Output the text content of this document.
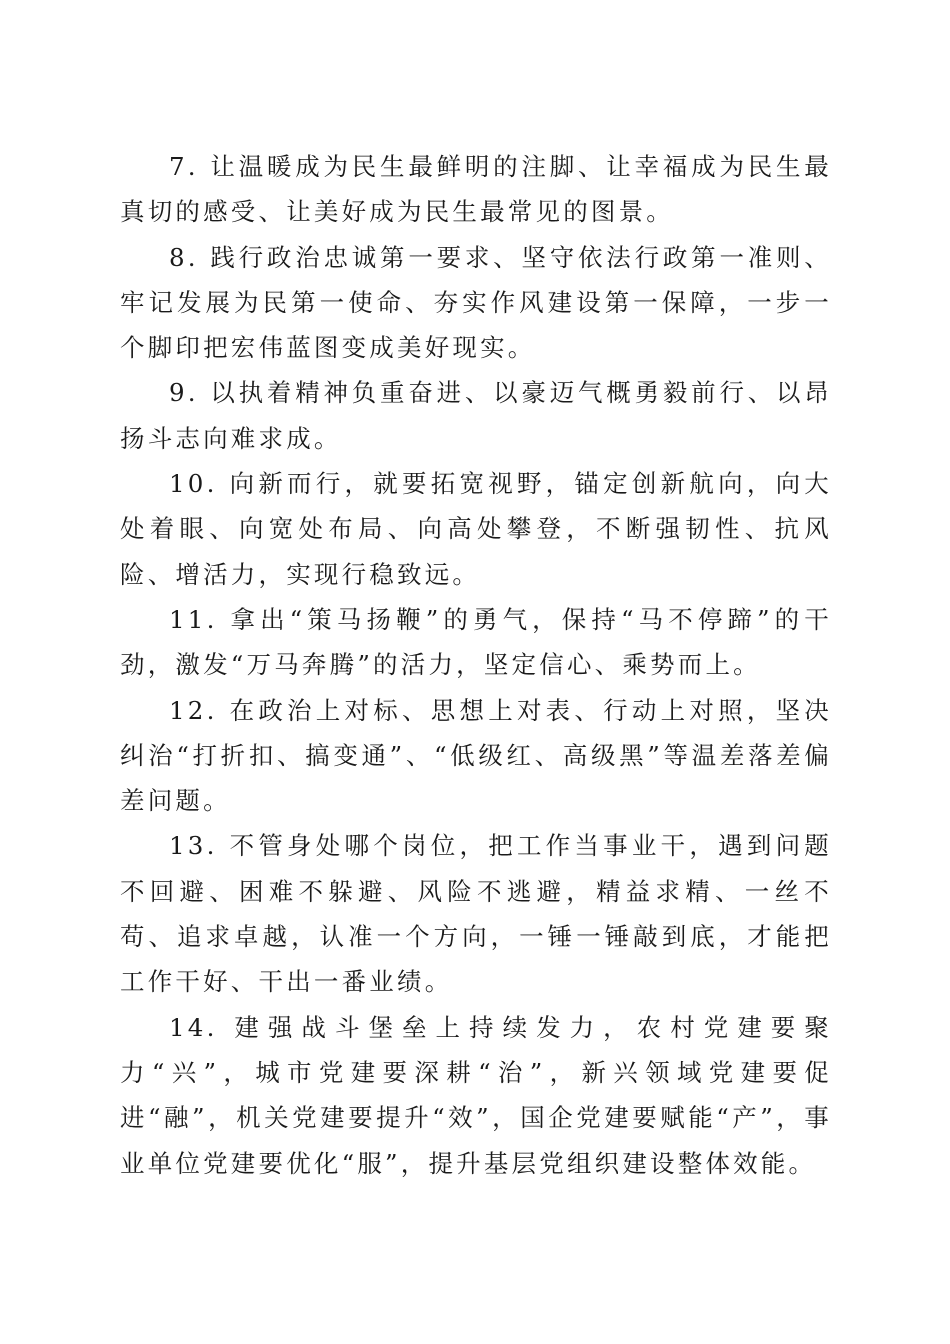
7. 让温暖成为民生最鲜明的注脚、让幸福成为民生最真切的感受、让美好成为民生最常见的图景。

8. 践行政治忠诚第一要求、坚守依法行政第一准则、牢记发展为民第一使命、夯实作风建设第一保障，一步一个脚印把宏伟蓝图变成美好现实。

9. 以执着精神负重奋进、以豪迈气概勇毅前行、以昂扬斗志向难求成。

10. 向新而行，就要拓宽视野，锚定创新航向，向大处着眼、向宽处布局、向高处攀登，不断强韧性、抗风险、增活力，实现行稳致远。

11. 拿出“策马扬鞭”的勇气，保持“马不停蹄”的干劲，激发“万马奔腾”的活力，坚定信心、乘势而上。

12. 在政治上对标、思想上对表、行动上对照，坚决纠治“打折扣、搞变通”、“低级红、高级黑”等温差落差偏差问题。

13. 不管身处哪个岗位，把工作当事业干，遇到问题不回避、困难不躲避、风险不逃避，精益求精、一丝不苟、追求卓越，认准一个方向，一锤一锤敲到底，才能把工作干好、干出一番业绩。

14. 建强战斗堡垒上持续发力，农村党建要聚力“兴”，城市党建要深耕“治”，新兴领域党建要促进“融”，机关党建要提升“效”，国企党建要赋能“产”，事业单位党建要优化“服”，提升基层党组织建设整体效能。
